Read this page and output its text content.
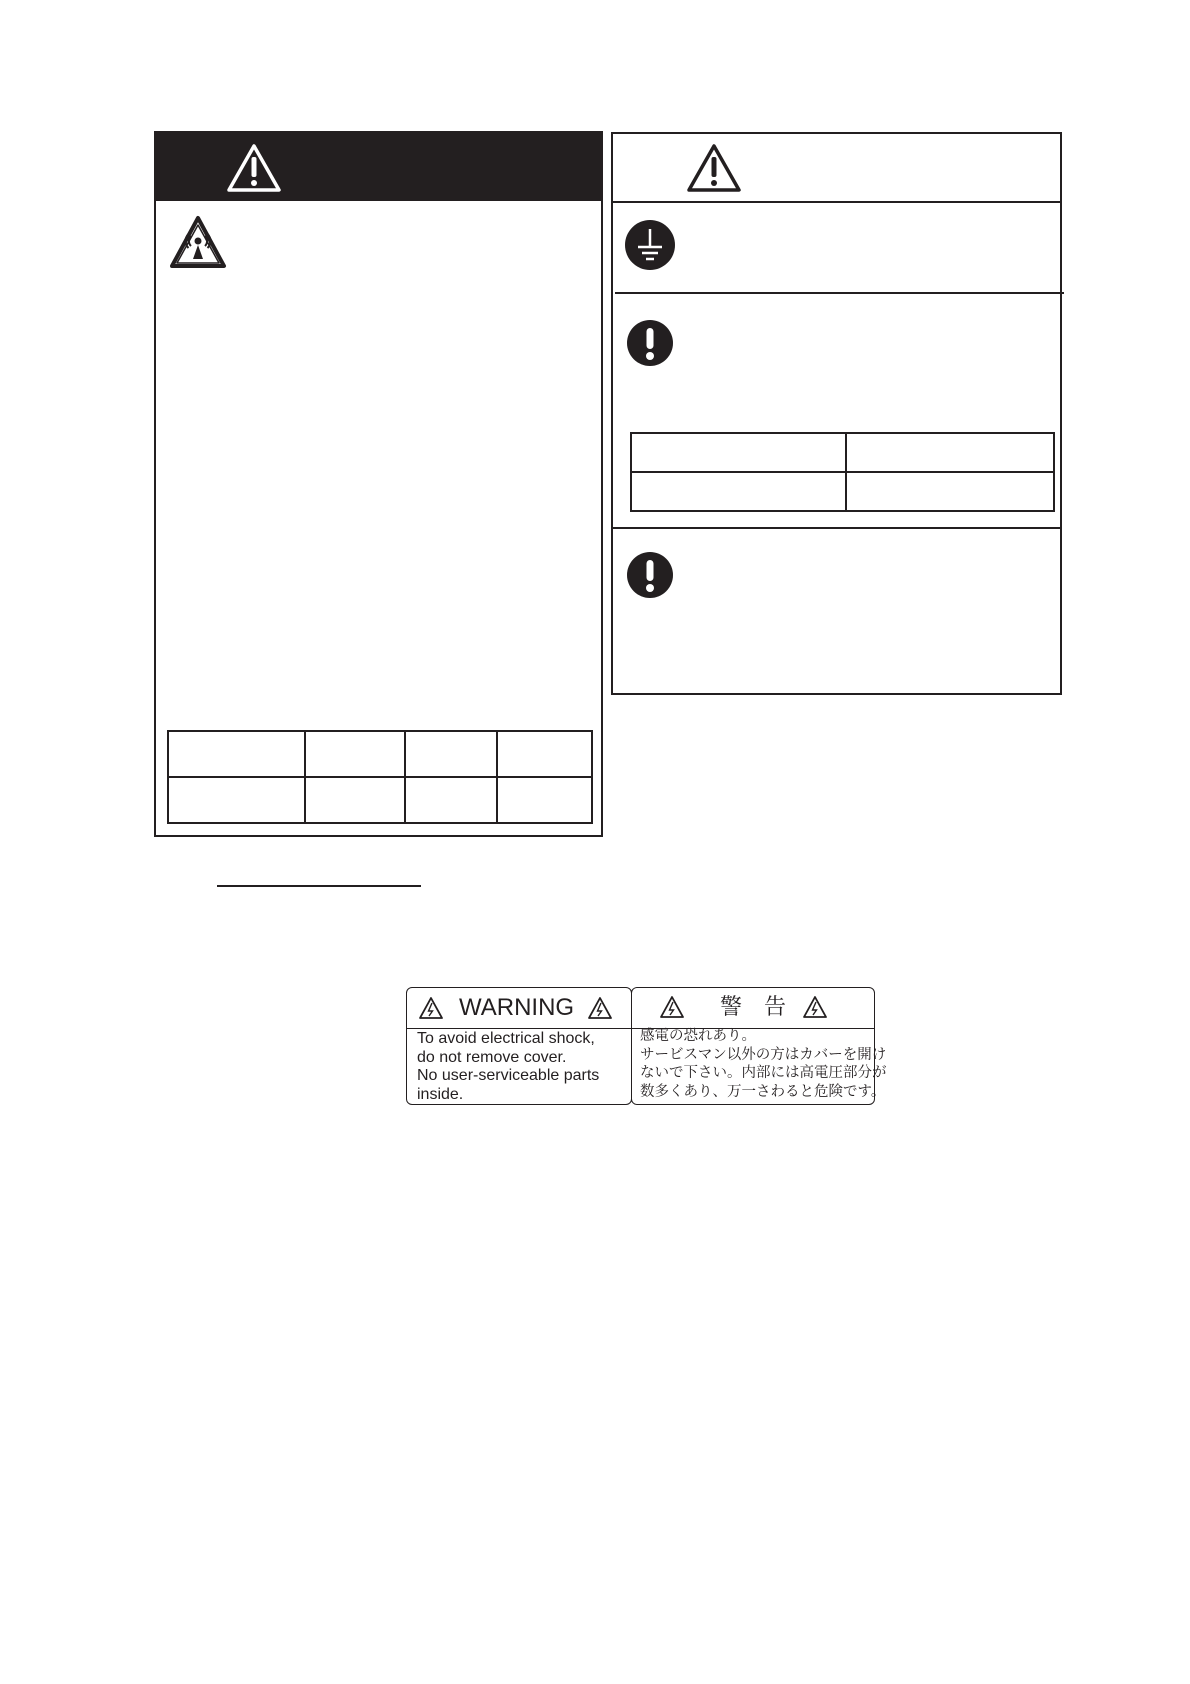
WARNING
To avoid electrical shock,
do not remove cover.
No user-serviceable parts
inside.
警　告
感電の恐れあり。
サービスマン以外の方はカバーを開け
ないで下さい。内部には高電圧部分が
数多くあり、万一さわると危険です。
